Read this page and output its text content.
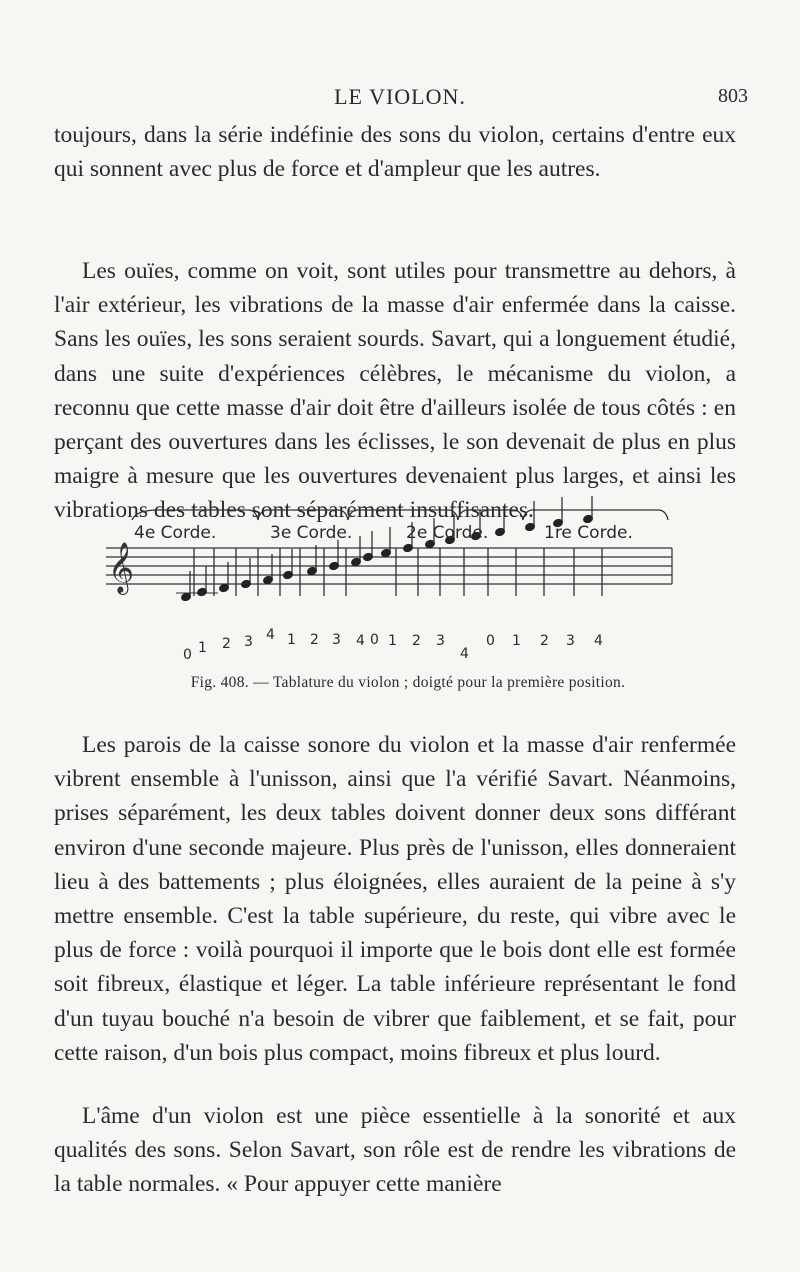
LE VIOLON.	803

toujours, dans la série indéfinie des sons du violon, certains d'entre eux qui sonnent avec plus de force et d'ampleur que les autres.

Les ouïes, comme on voit, sont utiles pour transmettre au dehors, à l'air extérieur, les vibrations de la masse d'air enfermée dans la caisse. Sans les ouïes, les sons seraient sourds. Savart, qui a longuement étudié, dans une suite d'expériences célèbres, le mécanisme du violon, a reconnu que cette masse d'air doit être d'ailleurs isolée de tous côtés : en perçant des ouvertures dans les éclisses, le son devenait de plus en plus maigre à mesure que les ouvertures devenaient plus larges, et ainsi les vibrations des tables sont séparément insuffisantes.

𝄞
4e Corde.	3e Corde.	2e Corde.	1re Corde.
0 1 2 3 4 1 2 3 4 0 1 2 3
4
0 1 2 3 4
Fig. 408. — Tablature du violon ; doigté pour la première position.

Les parois de la caisse sonore du violon et la masse d'air renfermée vibrent ensemble à l'unisson, ainsi que l'a vérifié Savart. Néanmoins, prises séparément, les deux tables doivent donner deux sons différant environ d'une seconde majeure. Plus près de l'unisson, elles donneraient lieu à des battements ; plus éloignées, elles auraient de la peine à s'y mettre ensemble. C'est la table supérieure, du reste, qui vibre avec le plus de force : voilà pourquoi il importe que le bois dont elle est formée soit fibreux, élastique et léger. La table inférieure représentant le fond d'un tuyau bouché n'a besoin de vibrer que faiblement, et se fait, pour cette raison, d'un bois plus compact, moins fibreux et plus lourd.

L'âme d'un violon est une pièce essentielle à la sonorité et aux qualités des sons. Selon Savart, son rôle est de rendre les vibrations de la table normales. « Pour appuyer cette manière
